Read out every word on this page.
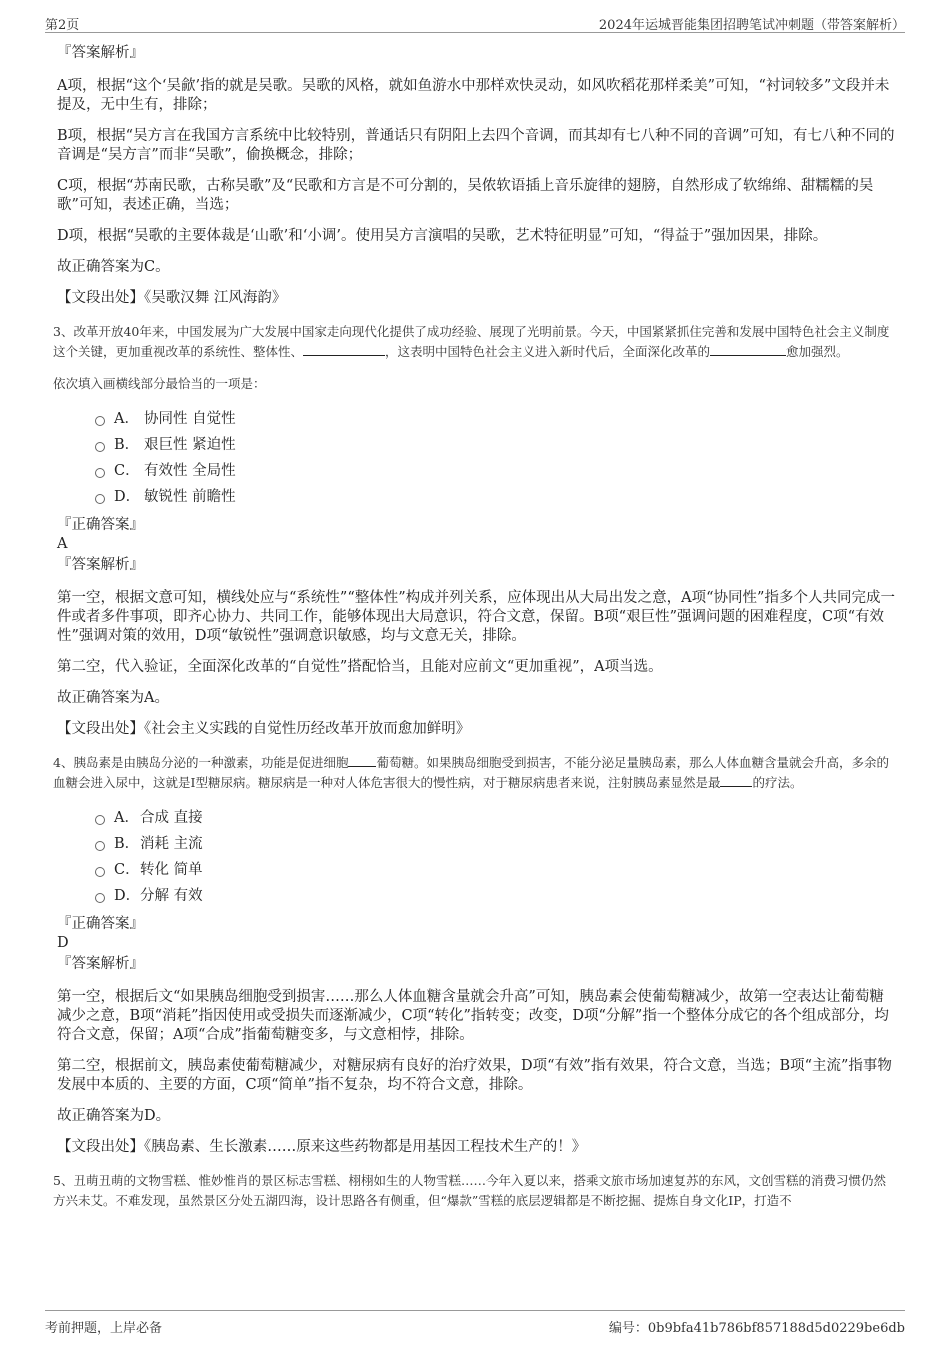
第2页	2024年运城晋能集团招聘笔试冲刺题（带答案解析）

『答案解析』

A项，根据“这个‘吴歈’指的就是吴歌。吴歌的风格，就如鱼游水中那样欢快灵动，如风吹稻花那样柔美”可知，“衬词较多”文段并未提及，无中生有，排除；

B项，根据“吴方言在我国方言系统中比较特别，普通话只有阴阳上去四个音调，而其却有七八种不同的音调”可知，有七八种不同的音调是“吴方言”而非“吴歌”，偷换概念，排除；

C项，根据“苏南民歌，古称吴歌”及“民歌和方言是不可分割的，吴侬软语插上音乐旋律的翅膀，自然形成了软绵绵、甜糯糯的吴歌”可知，表述正确，当选；

D项，根据“吴歌的主要体裁是‘山歌’和‘小调’。使用吴方言演唱的吴歌，艺术特征明显”可知，“得益于”强加因果，排除。

故正确答案为C。

【文段出处】《吴歌汉舞 江风海韵》

3、改革开放40年来，中国发展为广大发展中国家走向现代化提供了成功经验、展现了光明前景。今天，中国紧紧抓住完善和发展中国特色社会主义制度这个关键，更加重视改革的系统性、整体性、	，这表明中国特色社会主义进入新时代后，全面深化改革的	愈加强烈。

依次填入画横线部分最恰当的一项是：

A． 协同性 自觉性
B． 艰巨性 紧迫性
C． 有效性 全局性
D． 敏锐性 前瞻性

『正确答案』

A

『答案解析』

第一空，根据文意可知，横线处应与“系统性”“整体性”构成并列关系，应体现出从大局出发之意，A项“协同性”指多个人共同完成一件或者多件事项，即齐心协力、共同工作，能够体现出大局意识，符合文意，保留。B项“艰巨性”强调问题的困难程度，C项“有效性”强调对策的效用，D项“敏锐性”强调意识敏感，均与文意无关，排除。

第二空，代入验证，全面深化改革的“自觉性”搭配恰当，且能对应前文“更加重视”，A项当选。

故正确答案为A。

【文段出处】《社会主义实践的自觉性历经改革开放而愈加鲜明》

4、胰岛素是由胰岛分泌的一种激素，功能是促进细胞 葡萄糖。如果胰岛细胞受到损害，不能分泌足量胰岛素，那么人体血糖含量就会升高，多余的血糖会进入尿中，这就是I型糖尿病。糖尿病是一种对人体危害很大的慢性病，对于糖尿病患者来说，注射胰岛素显然是最	的疗法。

A． 合成 直接
B． 消耗 主流
C． 转化 简单
D． 分解 有效

『正确答案』

D

『答案解析』

第一空，根据后文“如果胰岛细胞受到损害……那么人体血糖含量就会升高”可知，胰岛素会使葡萄糖减少，故第一空表达让葡萄糖减少之意，B项“消耗”指因使用或受损失而逐渐减少，C项“转化”指转变；改变，D项“分解”指一个整体分成它的各个组成部分，均符合文意，保留；A项“合成”指葡萄糖变多，与文意相悖，排除。

第二空，根据前文，胰岛素使葡萄糖减少，对糖尿病有良好的治疗效果，D项“有效”指有效果，符合文意，当选；B项“主流”指事物发展中本质的、主要的方面，C项“简单”指不复杂，均不符合文意，排除。

故正确答案为D。

【文段出处】《胰岛素、生长激素……原来这些药物都是用基因工程技术生产的！》

5、丑萌丑萌的文物雪糕、惟妙惟肖的景区标志雪糕、栩栩如生的人物雪糕……今年入夏以来，搭乘文旅市场加速复苏的东风，文创雪糕的消费习惯仍然方兴未艾。不难发现，虽然景区分处五湖四海，设计思路各有侧重，但“爆款”雪糕的底层逻辑都是不断挖掘、提炼自身文化IP，打造不

考前押题，上岸必备	编号：0b9bfa41b786bf857188d5d0229be6db
